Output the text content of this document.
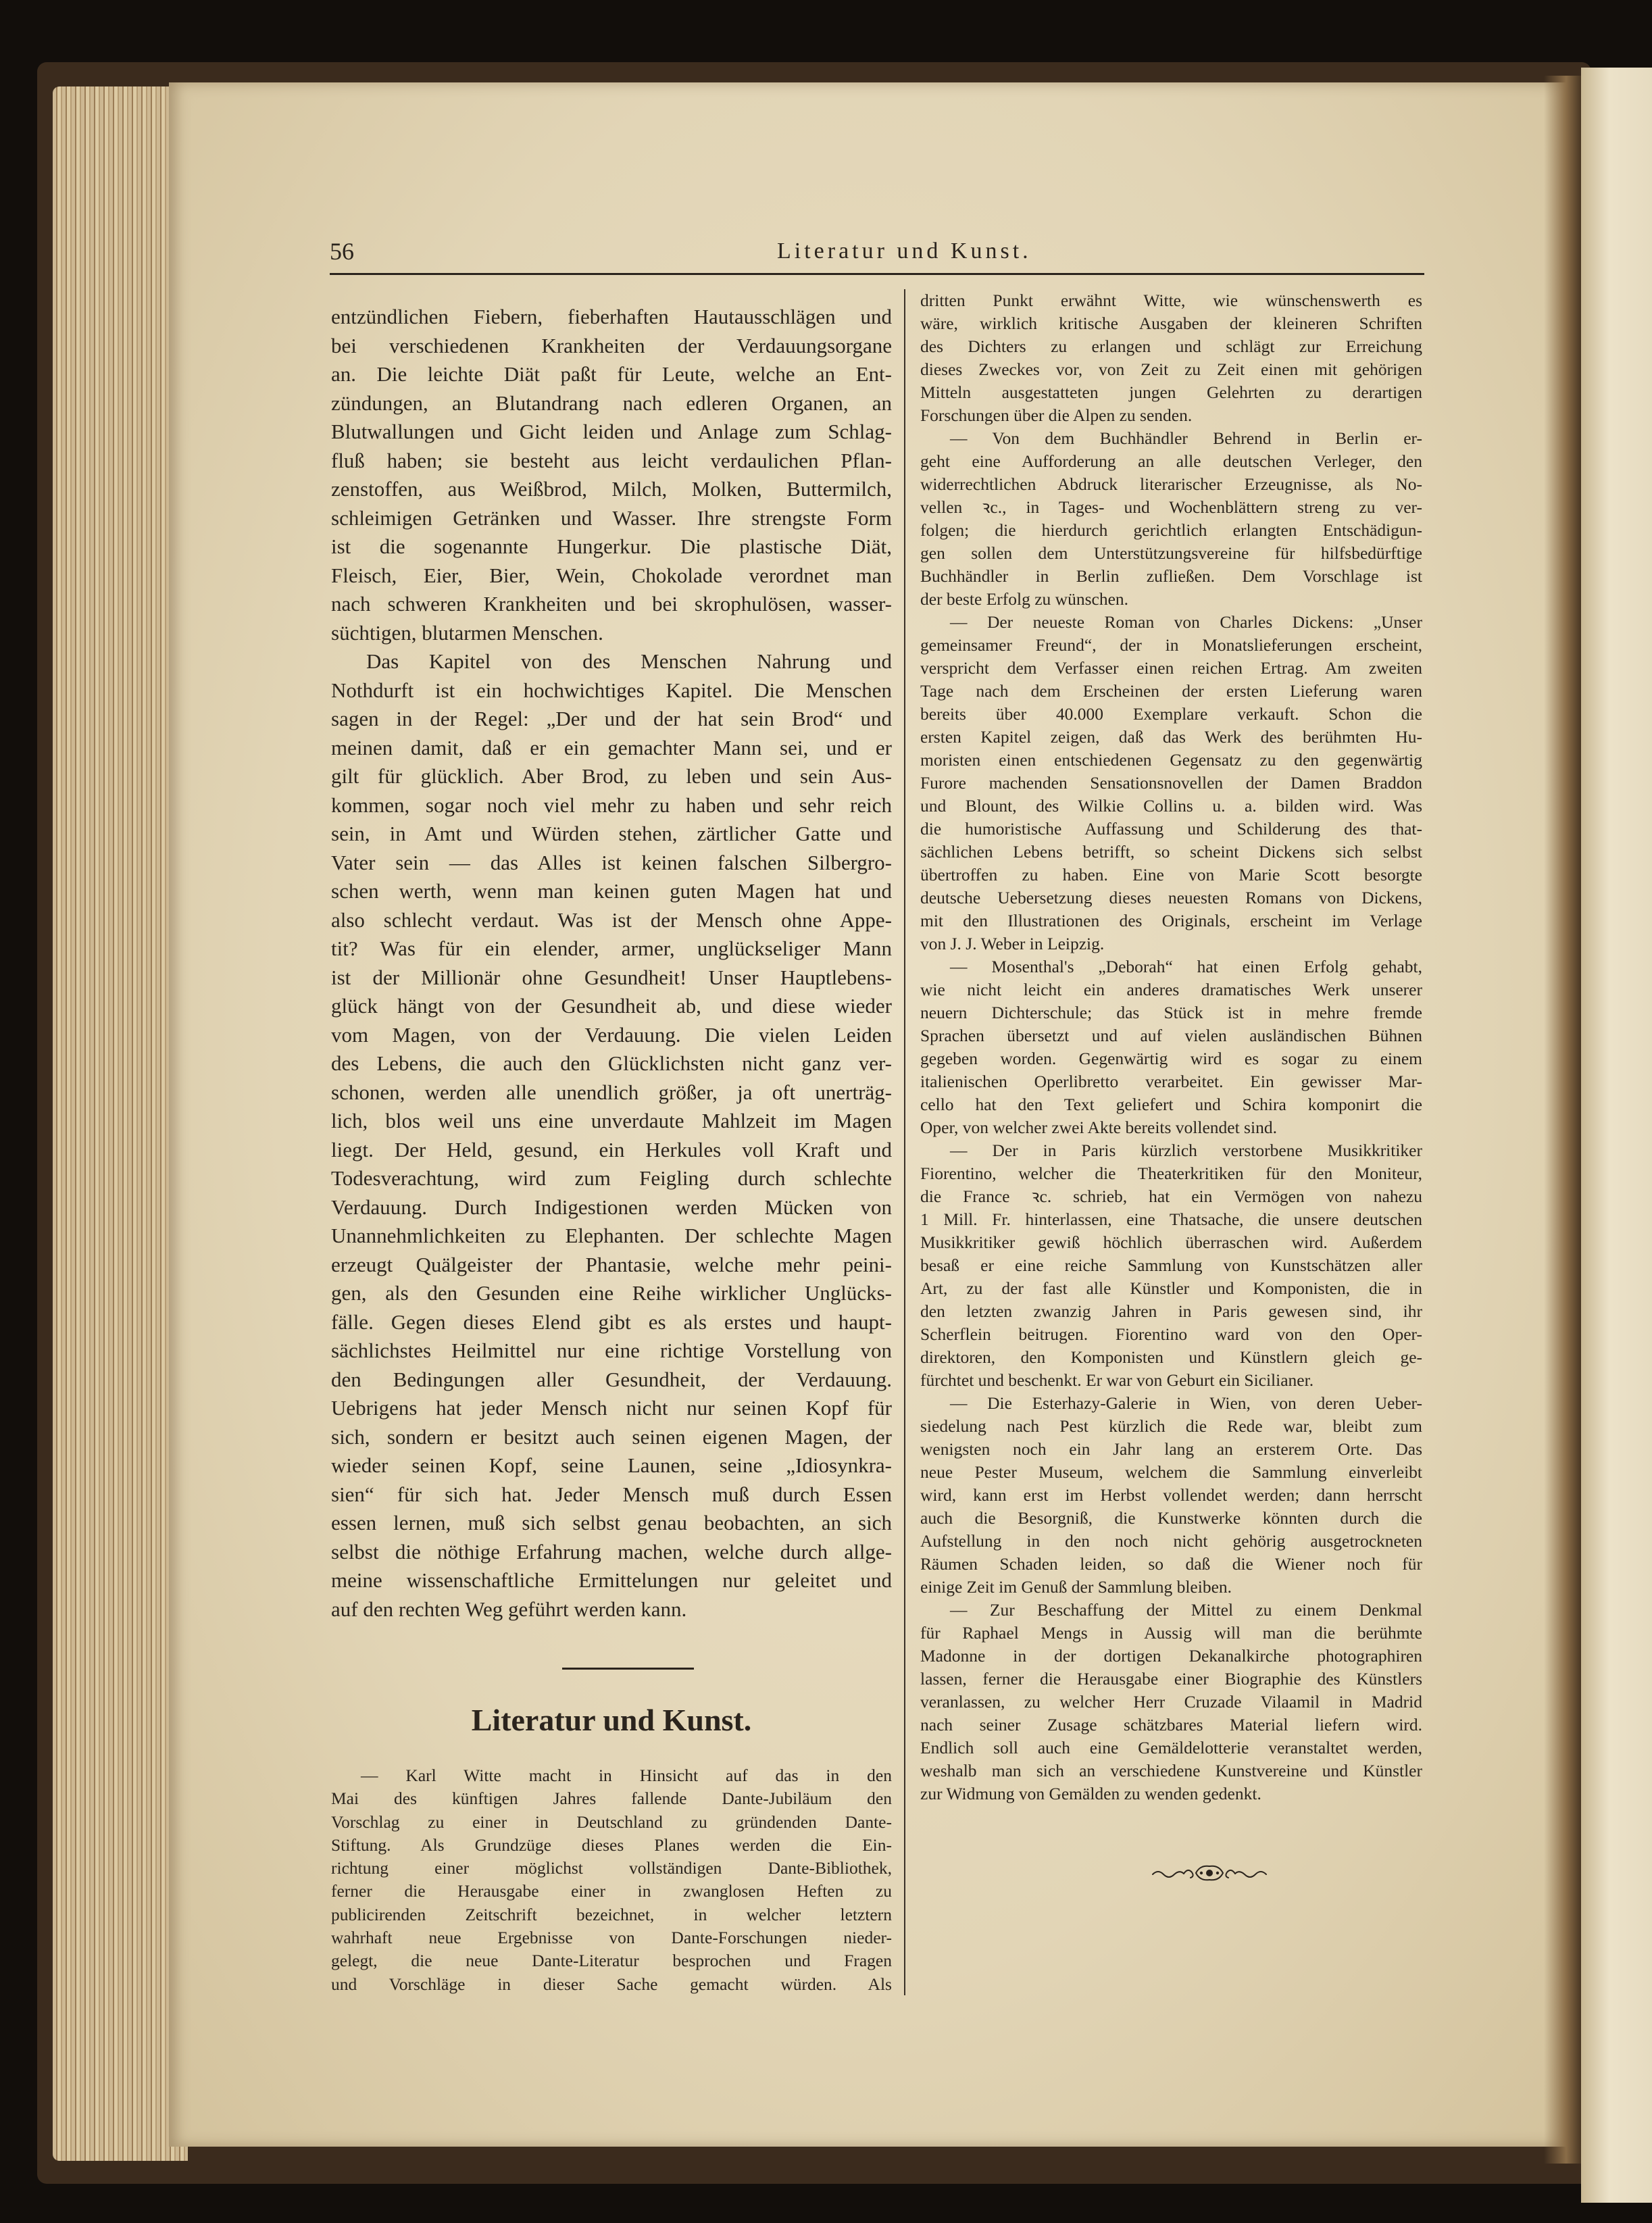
56	Literatur und Kunst.
entzündlichen Fiebern, fieberhaften Hautausschlägen und
bei verschiedenen Krankheiten der Verdauungsorgane
an. Die leichte Diät paßt für Leute, welche an Ent-
zündungen, an Blutandrang nach edleren Organen, an
Blutwallungen und Gicht leiden und Anlage zum Schlag-
fluß haben; sie besteht aus leicht verdaulichen Pflan-
zenstoffen, aus Weißbrod, Milch, Molken, Buttermilch,
schleimigen Getränken und Wasser. Ihre strengste Form
ist die sogenannte Hungerkur. Die plastische Diät,
Fleisch, Eier, Bier, Wein, Chokolade verordnet man
nach schweren Krankheiten und bei skrophulösen, wasser-
süchtigen, blutarmen Menschen.
Das Kapitel von des Menschen Nahrung und
Nothdurft ist ein hochwichtiges Kapitel. Die Menschen
sagen in der Regel: „Der und der hat sein Brod“ und
meinen damit, daß er ein gemachter Mann sei, und er
gilt für glücklich. Aber Brod, zu leben und sein Aus-
kommen, sogar noch viel mehr zu haben und sehr reich
sein, in Amt und Würden stehen, zärtlicher Gatte und
Vater sein — das Alles ist keinen falschen Silbergro-
schen werth, wenn man keinen guten Magen hat und
also schlecht verdaut. Was ist der Mensch ohne Appe-
tit? Was für ein elender, armer, unglückseliger Mann
ist der Millionär ohne Gesundheit! Unser Hauptlebens-
glück hängt von der Gesundheit ab, und diese wieder
vom Magen, von der Verdauung. Die vielen Leiden
des Lebens, die auch den Glücklichsten nicht ganz ver-
schonen, werden alle unendlich größer, ja oft unerträg-
lich, blos weil uns eine unverdaute Mahlzeit im Magen
liegt. Der Held, gesund, ein Herkules voll Kraft und
Todesverachtung, wird zum Feigling durch schlechte
Verdauung. Durch Indigestionen werden Mücken von
Unannehmlichkeiten zu Elephanten. Der schlechte Magen
erzeugt Quälgeister der Phantasie, welche mehr peini-
gen, als den Gesunden eine Reihe wirklicher Unglücks-
fälle. Gegen dieses Elend gibt es als erstes und haupt-
sächlichstes Heilmittel nur eine richtige Vorstellung von
den Bedingungen aller Gesundheit, der Verdauung.
Uebrigens hat jeder Mensch nicht nur seinen Kopf für
sich, sondern er besitzt auch seinen eigenen Magen, der
wieder seinen Kopf, seine Launen, seine „Idiosynkra-
sien“ für sich hat. Jeder Mensch muß durch Essen
essen lernen, muß sich selbst genau beobachten, an sich
selbst die nöthige Erfahrung machen, welche durch allge-
meine wissenschaftliche Ermittelungen nur geleitet und
auf den rechten Weg geführt werden kann.
Literatur und Kunst.
— Karl Witte macht in Hinsicht auf das in den
Mai des künftigen Jahres fallende Dante-Jubiläum den
Vorschlag zu einer in Deutschland zu gründenden Dante-
Stiftung. Als Grundzüge dieses Planes werden die Ein-
richtung einer möglichst vollständigen Dante-Bibliothek,
ferner die Herausgabe einer in zwanglosen Heften zu
publicirenden Zeitschrift bezeichnet, in welcher letztern
wahrhaft neue Ergebnisse von Dante-Forschungen nieder-
gelegt, die neue Dante-Literatur besprochen und Fragen
und Vorschläge in dieser Sache gemacht würden. Als
dritten Punkt erwähnt Witte, wie wünschenswerth es
wäre, wirklich kritische Ausgaben der kleineren Schriften
des Dichters zu erlangen und schlägt zur Erreichung
dieses Zweckes vor, von Zeit zu Zeit einen mit gehörigen
Mitteln ausgestatteten jungen Gelehrten zu derartigen
Forschungen über die Alpen zu senden.
— Von dem Buchhändler Behrend in Berlin er-
geht eine Aufforderung an alle deutschen Verleger, den
widerrechtlichen Abdruck literarischer Erzeugnisse, als No-
vellen ꝛc., in Tages- und Wochenblättern streng zu ver-
folgen; die hierdurch gerichtlich erlangten Entschädigun-
gen sollen dem Unterstützungsvereine für hilfsbedürftige
Buchhändler in Berlin zufließen. Dem Vorschlage ist
der beste Erfolg zu wünschen.
— Der neueste Roman von Charles Dickens: „Unser
gemeinsamer Freund“, der in Monatslieferungen erscheint,
verspricht dem Verfasser einen reichen Ertrag. Am zweiten
Tage nach dem Erscheinen der ersten Lieferung waren
bereits über 40.000 Exemplare verkauft. Schon die
ersten Kapitel zeigen, daß das Werk des berühmten Hu-
moristen einen entschiedenen Gegensatz zu den gegenwärtig
Furore machenden Sensationsnovellen der Damen Braddon
und Blount, des Wilkie Collins u. a. bilden wird. Was
die humoristische Auffassung und Schilderung des that-
sächlichen Lebens betrifft, so scheint Dickens sich selbst
übertroffen zu haben. Eine von Marie Scott besorgte
deutsche Uebersetzung dieses neuesten Romans von Dickens,
mit den Illustrationen des Originals, erscheint im Verlage
von J. J. Weber in Leipzig.
— Mosenthal's „Deborah“ hat einen Erfolg gehabt,
wie nicht leicht ein anderes dramatisches Werk unserer
neuern Dichterschule; das Stück ist in mehre fremde
Sprachen übersetzt und auf vielen ausländischen Bühnen
gegeben worden. Gegenwärtig wird es sogar zu einem
italienischen Operlibretto verarbeitet. Ein gewisser Mar-
cello hat den Text geliefert und Schira komponirt die
Oper, von welcher zwei Akte bereits vollendet sind.
— Der in Paris kürzlich verstorbene Musikkritiker
Fiorentino, welcher die Theaterkritiken für den Moniteur,
die France ꝛc. schrieb, hat ein Vermögen von nahezu
1 Mill. Fr. hinterlassen, eine Thatsache, die unsere deutschen
Musikkritiker gewiß höchlich überraschen wird. Außerdem
besaß er eine reiche Sammlung von Kunstschätzen aller
Art, zu der fast alle Künstler und Komponisten, die in
den letzten zwanzig Jahren in Paris gewesen sind, ihr
Scherflein beitrugen. Fiorentino ward von den Oper-
direktoren, den Komponisten und Künstlern gleich ge-
fürchtet und beschenkt. Er war von Geburt ein Sicilianer.
— Die Esterhazy-Galerie in Wien, von deren Ueber-
siedelung nach Pest kürzlich die Rede war, bleibt zum
wenigsten noch ein Jahr lang an ersterem Orte. Das
neue Pester Museum, welchem die Sammlung einverleibt
wird, kann erst im Herbst vollendet werden; dann herrscht
auch die Besorgniß, die Kunstwerke könnten durch die
Aufstellung in den noch nicht gehörig ausgetrockneten
Räumen Schaden leiden, so daß die Wiener noch für
einige Zeit im Genuß der Sammlung bleiben.
— Zur Beschaffung der Mittel zu einem Denkmal
für Raphael Mengs in Aussig will man die berühmte
Madonne in der dortigen Dekanalkirche photographiren
lassen, ferner die Herausgabe einer Biographie des Künstlers
veranlassen, zu welcher Herr Cruzade Vilaamil in Madrid
nach seiner Zusage schätzbares Material liefern wird.
Endlich soll auch eine Gemäldelotterie veranstaltet werden,
weshalb man sich an verschiedene Kunstvereine und Künstler
zur Widmung von Gemälden zu wenden gedenkt.
